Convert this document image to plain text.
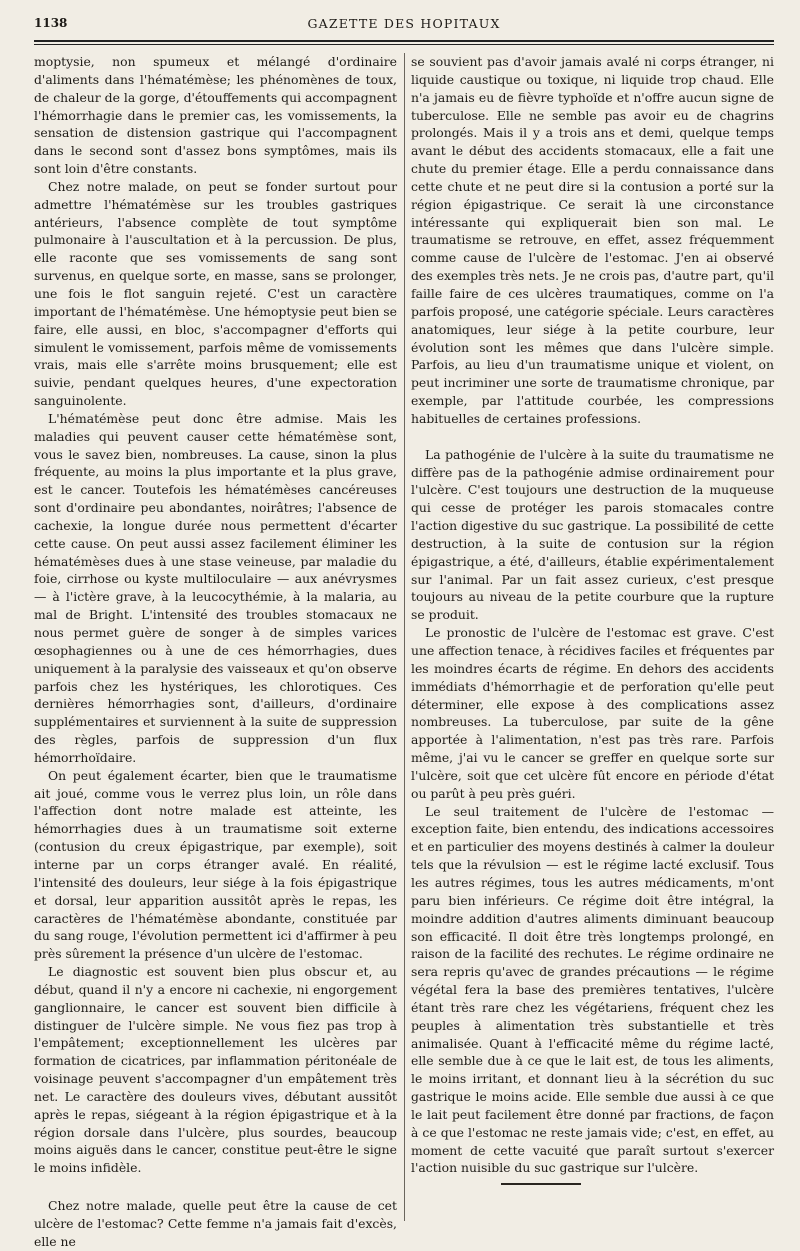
1138	GAZETTE DES HOPITAUX

moptysie, non spumeux et mélangé d'ordinaire d'aliments dans l'hématémèse; les phénomènes de toux, de chaleur de la gorge, d'étouffements qui accompagnent l'hémorrhagie dans le premier cas, les vomissements, la sensation de distension gastrique qui l'accompagnent dans le second sont d'assez bons symptômes, mais ils sont loin d'être constants.

Chez notre malade, on peut se fonder surtout pour admettre l'hématémèse sur les troubles gastriques antérieurs, l'absence complète de tout symptôme pulmonaire à l'auscultation et à la percussion. De plus, elle raconte que ses vomissements de sang sont survenus, en quelque sorte, en masse, sans se prolonger, une fois le flot sanguin rejeté. C'est un caractère important de l'hématémèse. Une hémoptysie peut bien se faire, elle aussi, en bloc, s'accompagner d'efforts qui simulent le vomissement, parfois même de vomissements vrais, mais elle s'arrête moins brusquement; elle est suivie, pendant quelques heures, d'une expectoration sanguinolente.

L'hématémèse peut donc être admise. Mais les maladies qui peuvent causer cette hématémèse sont, vous le savez bien, nombreuses. La cause, sinon la plus fréquente, au moins la plus importante et la plus grave, est le cancer. Toutefois les hématémèses cancéreuses sont d'ordinaire peu abondantes, noirâtres; l'absence de cachexie, la longue durée nous permettent d'écarter cette cause. On peut aussi assez facilement éliminer les hématémèses dues à une stase veineuse, par maladie du foie, cirrhose ou kyste multiloculaire — aux anévrysmes — à l'ictère grave, à la leucocythémie, à la malaria, au mal de Bright. L'intensité des troubles stomacaux ne nous permet guère de songer à de simples varices œsophagiennes ou à une de ces hémorrhagies, dues uniquement à la paralysie des vaisseaux et qu'on observe parfois chez les hystériques, les chlorotiques. Ces dernières hémorrhagies sont, d'ailleurs, d'ordinaire supplémentaires et surviennent à la suite de suppression des règles, parfois de suppression d'un flux hémorrhoïdaire.

On peut également écarter, bien que le traumatisme ait joué, comme vous le verrez plus loin, un rôle dans l'affection dont notre malade est atteinte, les hémorrhagies dues à un traumatisme soit externe (contusion du creux épigastrique, par exemple), soit interne par un corps étranger avalé. En réalité, l'intensité des douleurs, leur siége à la fois épigastrique et dorsal, leur apparition aussitôt après le repas, les caractères de l'hématémèse abondante, constituée par du sang rouge, l'évolution permettent ici d'affirmer à peu près sûrement la présence d'un ulcère de l'estomac.

Le diagnostic est souvent bien plus obscur et, au début, quand il n'y a encore ni cachexie, ni engorgement ganglionnaire, le cancer est souvent bien difficile à distinguer de l'ulcère simple. Ne vous fiez pas trop à l'empâtement; exceptionnellement les ulcères par formation de cicatrices, par inflammation péritonéale de voisinage peuvent s'accompagner d'un empâtement très net. Le caractère des douleurs vives, débutant aussitôt après le repas, siégeant à la région épigastrique et à la région dorsale dans l'ulcère, plus sourdes, beaucoup moins aiguës dans le cancer, constitue peut-être le signe le moins infidèle.

Chez notre malade, quelle peut être la cause de cet ulcère de l'estomac? Cette femme n'a jamais fait d'excès, elle ne

se souvient pas d'avoir jamais avalé ni corps étranger, ni liquide caustique ou toxique, ni liquide trop chaud. Elle n'a jamais eu de fièvre typhoïde et n'offre aucun signe de tuberculose. Elle ne semble pas avoir eu de chagrins prolongés. Mais il y a trois ans et demi, quelque temps avant le début des accidents stomacaux, elle a fait une chute du premier étage. Elle a perdu connaissance dans cette chute et ne peut dire si la contusion a porté sur la région épigastrique. Ce serait là une circonstance intéressante qui expliquerait bien son mal. Le traumatisme se retrouve, en effet, assez fréquemment comme cause de l'ulcère de l'estomac. J'en ai observé des exemples très nets. Je ne crois pas, d'autre part, qu'il faille faire de ces ulcères traumatiques, comme on l'a parfois proposé, une catégorie spéciale. Leurs caractères anatomiques, leur siége à la petite courbure, leur évolution sont les mêmes que dans l'ulcère simple. Parfois, au lieu d'un traumatisme unique et violent, on peut incriminer une sorte de traumatisme chronique, par exemple, par l'attitude courbée, les compressions habituelles de certaines professions.

La pathogénie de l'ulcère à la suite du traumatisme ne diffère pas de la pathogénie admise ordinairement pour l'ulcère. C'est toujours une destruction de la muqueuse qui cesse de protéger les parois stomacales contre l'action digestive du suc gastrique. La possibilité de cette destruction, à la suite de contusion sur la région épigastrique, a été, d'ailleurs, établie expérimentalement sur l'animal. Par un fait assez curieux, c'est presque toujours au niveau de la petite courbure que la rupture se produit.

Le pronostic de l'ulcère de l'estomac est grave. C'est une affection tenace, à récidives faciles et fréquentes par les moindres écarts de régime. En dehors des accidents immédiats d'hémorrhagie et de perforation qu'elle peut déterminer, elle expose à des complications assez nombreuses. La tuberculose, par suite de la gêne apportée à l'alimentation, n'est pas très rare. Parfois même, j'ai vu le cancer se greffer en quelque sorte sur l'ulcère, soit que cet ulcère fût encore en période d'état ou parût à peu près guéri.

Le seul traitement de l'ulcère de l'estomac — exception faite, bien entendu, des indications accessoires et en particulier des moyens destinés à calmer la douleur tels que la révulsion — est le régime lacté exclusif. Tous les autres régimes, tous les autres médicaments, m'ont paru bien inférieurs. Ce régime doit être intégral, la moindre addition d'autres aliments diminuant beaucoup son efficacité. Il doit être très longtemps prolongé, en raison de la facilité des rechutes. Le régime ordinaire ne sera repris qu'avec de grandes précautions — le régime végétal fera la base des premières tentatives, l'ulcère étant très rare chez les végétariens, fréquent chez les peuples à alimentation très substantielle et très animalisée. Quant à l'efficacité même du régime lacté, elle semble due à ce que le lait est, de tous les aliments, le moins irritant, et donnant lieu à la sécrétion du suc gastrique le moins acide. Elle semble due aussi à ce que le lait peut facilement être donné par fractions, de façon à ce que l'estomac ne reste jamais vide; c'est, en effet, au moment de cette vacuité que paraît surtout s'exercer l'action nuisible du suc gastrique sur l'ulcère.
